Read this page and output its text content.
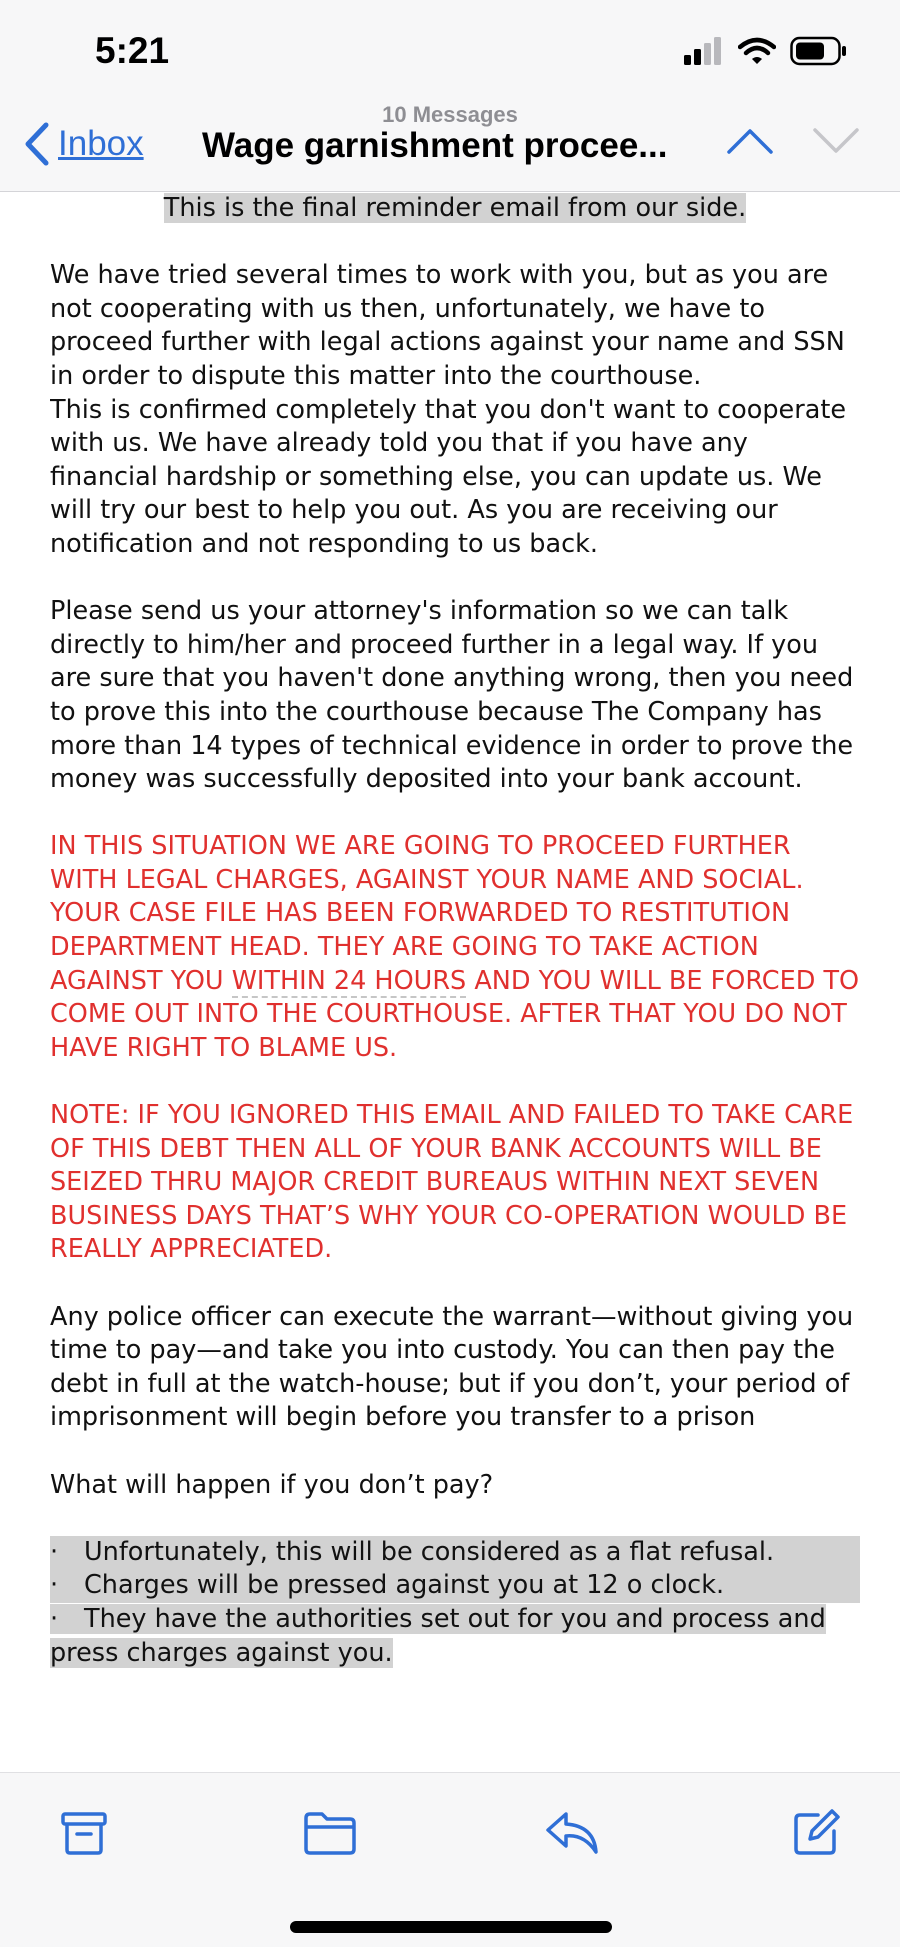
5:21
10 Messages
Inbox Wage garnishment procee...

This is the final reminder email from our side.

We have tried several times to work with you, but as you are not cooperating with us then, unfortunately, we have to proceed further with legal actions against your name and SSN in order to dispute this matter into the courthouse.

This is confirmed completely that you don't want to cooperate with us. We have already told you that if you have any financial hardship or something else, you can update us. We will try our best to help you out. As you are receiving our notification and not responding to us back.

Please send us your attorney's information so we can talk directly to him/her and proceed further in a legal way. If you are sure that you haven't done anything wrong, then you need to prove this into the courthouse because The Company has more than 14 types of technical evidence in order to prove the money was successfully deposited into your bank account.

IN THIS SITUATION WE ARE GOING TO PROCEED FURTHER WITH LEGAL CHARGES, AGAINST YOUR NAME AND SOCIAL. YOUR CASE FILE HAS BEEN FORWARDED TO RESTITUTION DEPARTMENT HEAD. THEY ARE GOING TO TAKE ACTION AGAINST YOU WITHIN 24 HOURS AND YOU WILL BE FORCED TO COME OUT INTO THE COURTHOUSE. AFTER THAT YOU DO NOT HAVE RIGHT TO BLAME US.

NOTE: IF YOU IGNORED THIS EMAIL AND FAILED TO TAKE CARE OF THIS DEBT THEN ALL OF YOUR BANK ACCOUNTS WILL BE SEIZED THRU MAJOR CREDIT BUREAUS WITHIN NEXT SEVEN BUSINESS DAYS THAT’S WHY YOUR CO-OPERATION WOULD BE REALLY APPRECIATED.

Any police officer can execute the warrant—without giving you time to pay—and take you into custody. You can then pay the debt in full at the watch-house; but if you don’t, your period of imprisonment will begin before you transfer to a prison

What will happen if you don’t pay?

· Unfortunately, this will be considered as a flat refusal.
· Charges will be pressed against you at 12 o clock.
· They have the authorities set out for you and process and press charges against you.
